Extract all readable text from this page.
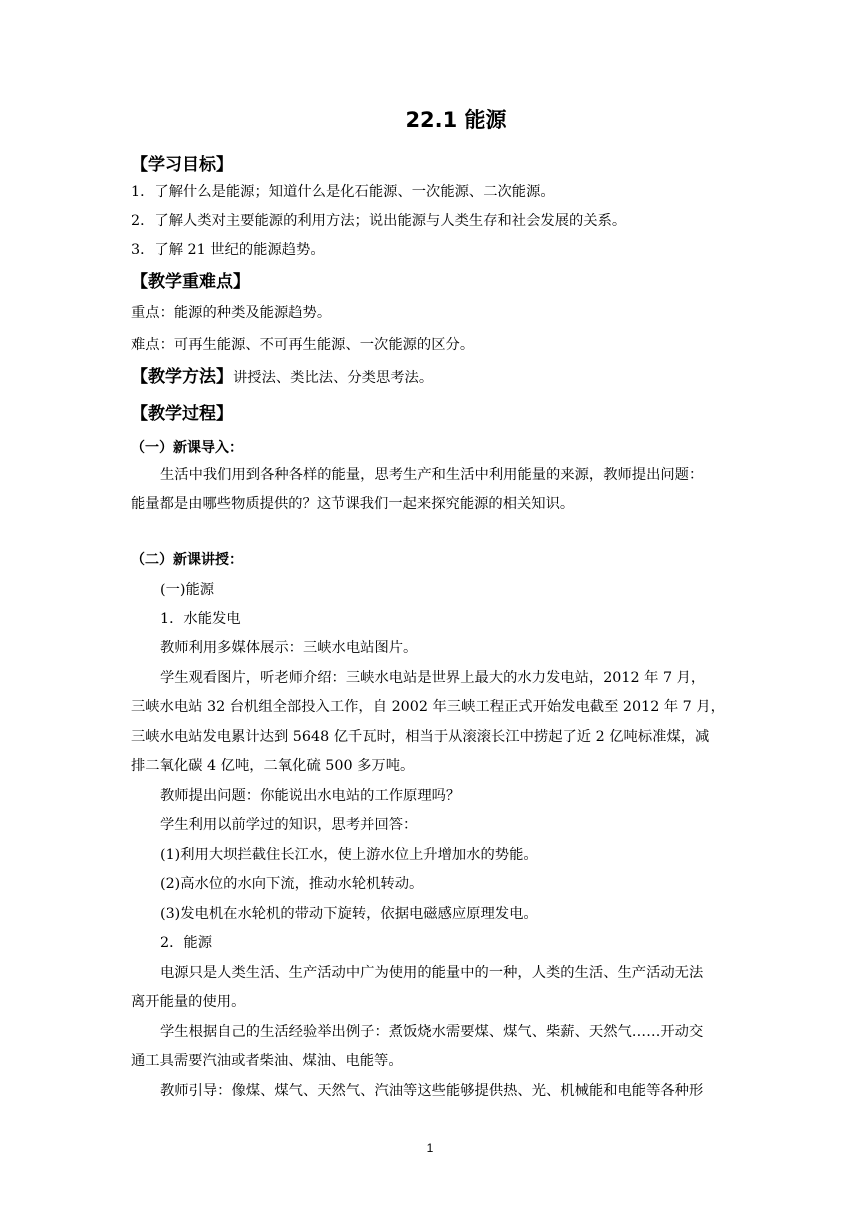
22.1 能源
【学习目标】
1．了解什么是能源；知道什么是化石能源、一次能源、二次能源。
2．了解人类对主要能源的利用方法；说出能源与人类生存和社会发展的关系。
3．了解 21 世纪的能源趋势。
【教学重难点】
重点：能源的种类及能源趋势。
难点：可再生能源、不可再生能源、一次能源的区分。
【教学方法】讲授法、类比法、分类思考法。
【教学过程】
（一）新课导入：
生活中我们用到各种各样的能量，思考生产和生活中利用能量的来源，教师提出问题：
能量都是由哪些物质提供的？这节课我们一起来探究能源的相关知识。
（二）新课讲授：
(一)能源
1．水能发电
教师利用多媒体展示：三峡水电站图片。
学生观看图片，听老师介绍：三峡水电站是世界上最大的水力发电站，2012 年 7 月，
三峡水电站 32 台机组全部投入工作，自 2002 年三峡工程正式开始发电截至 2012 年 7 月，
三峡水电站发电累计达到 5648 亿千瓦时，相当于从滚滚长江中捞起了近 2 亿吨标准煤，减
排二氧化碳 4 亿吨，二氧化硫 500 多万吨。
教师提出问题：你能说出水电站的工作原理吗？
学生利用以前学过的知识，思考并回答：
(1)利用大坝拦截住长江水，使上游水位上升增加水的势能。
(2)高水位的水向下流，推动水轮机转动。
(3)发电机在水轮机的带动下旋转，依据电磁感应原理发电。
2．能源
电源只是人类生活、生产活动中广为使用的能量中的一种，人类的生活、生产活动无法
离开能量的使用。
学生根据自己的生活经验举出例子：煮饭烧水需要煤、煤气、柴薪、天然气……开动交
通工具需要汽油或者柴油、煤油、电能等。
教师引导：像煤、煤气、天然气、汽油等这些能够提供热、光、机械能和电能等各种形
1
